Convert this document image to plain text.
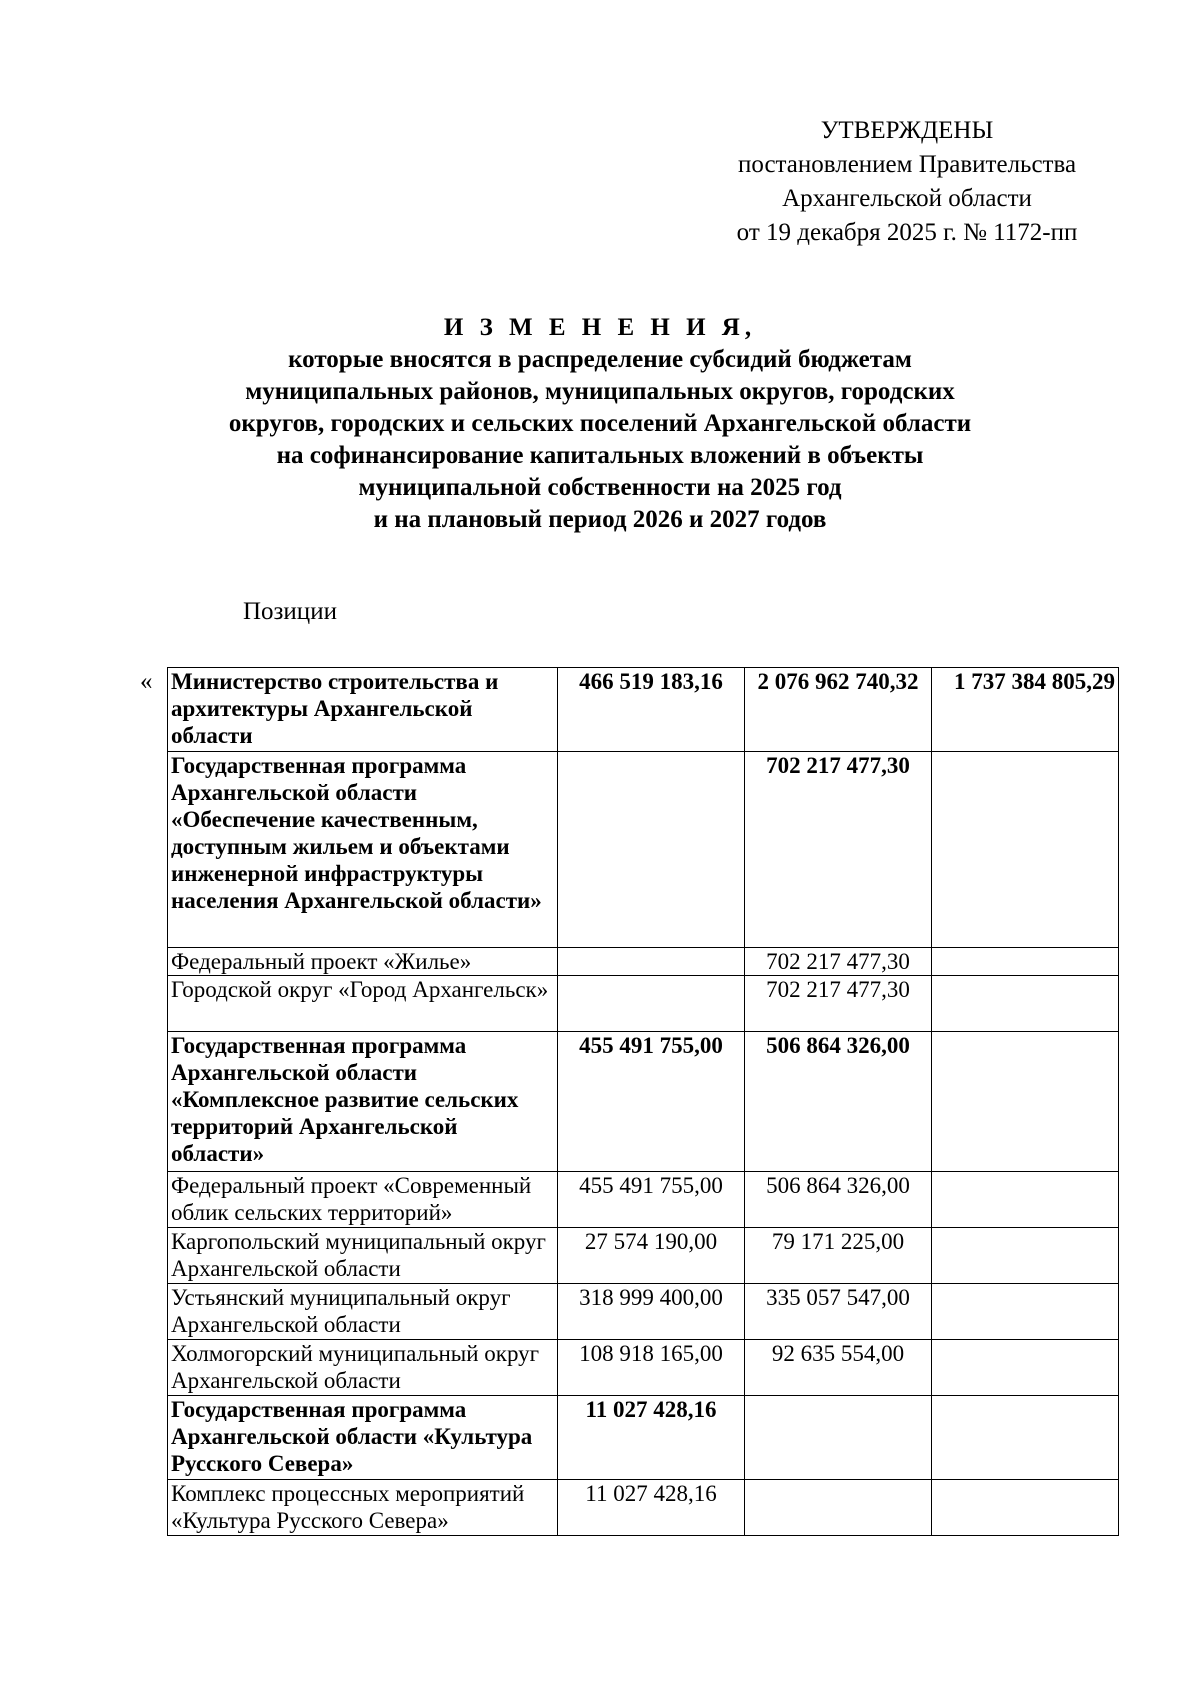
УТВЕРЖДЕНЫ
постановлением Правительства
Архангельской области
от 19 декабря 2025 г. № 1172-пп
И З М Е Н Е Н И Я,
которые вносятся в распределение субсидий бюджетам
муниципальных районов, муниципальных округов, городских
округов, городских и сельских поселений Архангельской области
на софинансирование капитальных вложений в объекты
муниципальной собственности на 2025 год
и на плановый период 2026 и 2027 годов
Позиции
« Министерство строительства и архитектуры Архангельской области	466 519 183,16	2 076 962 740,32	1 737 384 805,29
Государственная программа Архангельской области «Обеспечение качественным, доступным жильем и объектами инженерной инфраструктуры населения Архангельской области»		702 217 477,30	
Федеральный проект «Жилье»		702 217 477,30	
Городской округ «Город Архангельск»		702 217 477,30	
Государственная программа Архангельской области «Комплексное развитие сельских территорий Архангельской области»	455 491 755,00	506 864 326,00	
Федеральный проект «Современный облик сельских территорий»	455 491 755,00	506 864 326,00	
Каргопольский муниципальный округ Архангельской области	27 574 190,00	79 171 225,00	
Устьянский муниципальный округ Архангельской области	318 999 400,00	335 057 547,00	
Холмогорский муниципальный округ Архангельской области	108 918 165,00	92 635 554,00	
Государственная программа Архангельской области «Культура Русского Севера»	11 027 428,16		
Комплекс процессных мероприятий «Культура Русского Севера»	11 027 428,16		
